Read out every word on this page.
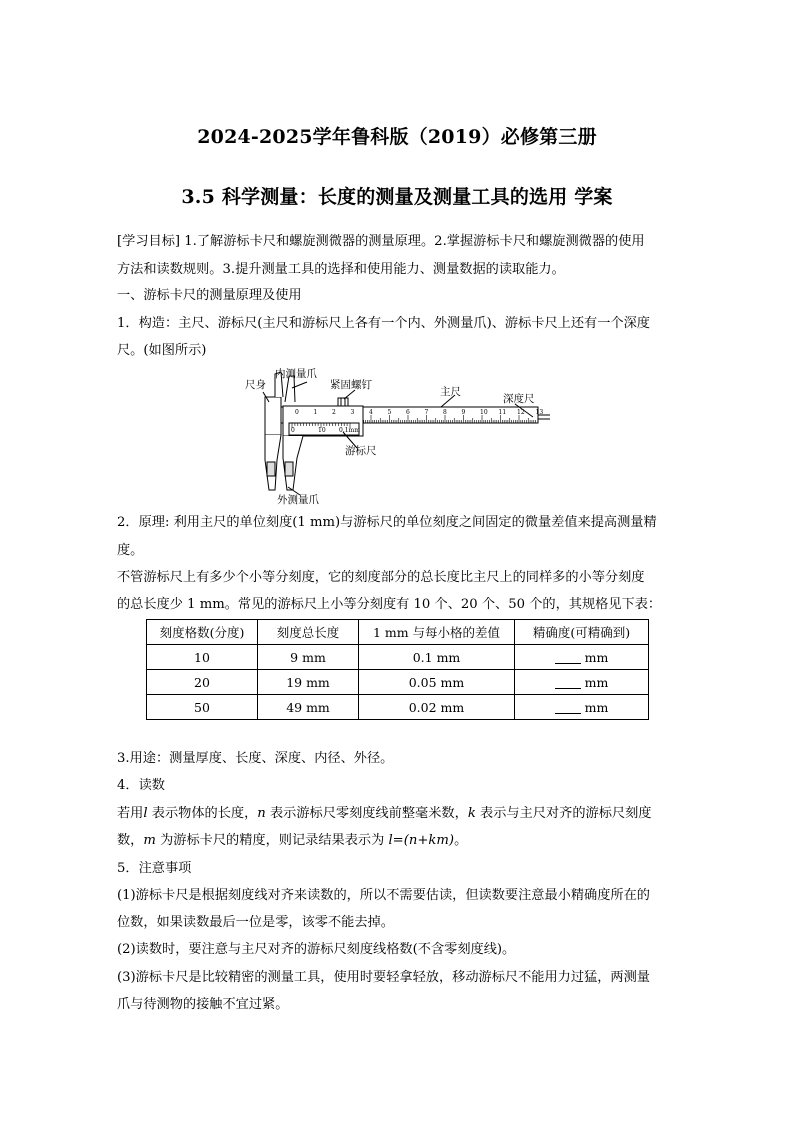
2024-2025学年鲁科版（2019）必修第三册
3.5 科学测量：长度的测量及测量工具的选用 学案
[学习目标] 1.了解游标卡尺和螺旋测微器的测量原理。2.掌握游标卡尺和螺旋测微器的使用
方法和读数规则。3.提升测量工具的选择和使用能力、测量数据的读取能力。
一、游标卡尺的测量原理及使用
1．构造：主尺、游标尺(主尺和游标尺上各有一个内、外测量爪)、游标卡尺上还有一个深度
尺。(如图所示)
内测量爪
尺身	紧固螺钉
主尺
深度尺
游标尺
外测量爪
0.1mm
0	10
0 1 2 3 4 5 6 7 8 9 10 11 12 13
2．原理: 利用主尺的单位刻度(1 mm)与游标尺的单位刻度之间固定的微量差值来提高测量精
度。
不管游标尺上有多少个小等分刻度，它的刻度部分的总长度比主尺上的同样多的小等分刻度
的总长度少 1 mm。常见的游标尺上小等分刻度有 10 个、20 个、50 个的，其规格见下表：
刻度格数(分度)	刻度总长度	1 mm 与每小格的差值	精确度(可精确到)
10	9 mm	0.1 mm	mm
20	19 mm	0.05 mm	mm
50	49 mm	0.02 mm	mm
3.用途：测量厚度、长度、深度、内径、外径。
4．读数
若用l 表示物体的长度，n 表示游标尺零刻度线前整毫米数，k 表示与主尺对齐的游标尺刻度
数，m 为游标卡尺的精度，则记录结果表示为 l=(n+km)。
5．注意事项
(1)游标卡尺是根据刻度线对齐来读数的，所以不需要估读，但读数要注意最小精确度所在的
位数，如果读数最后一位是零，该零不能去掉。
(2)读数时，要注意与主尺对齐的游标尺刻度线格数(不含零刻度线)。
(3)游标卡尺是比较精密的测量工具，使用时要轻拿轻放，移动游标尺不能用力过猛，两测量
爪与待测物的接触不宜过紧。
